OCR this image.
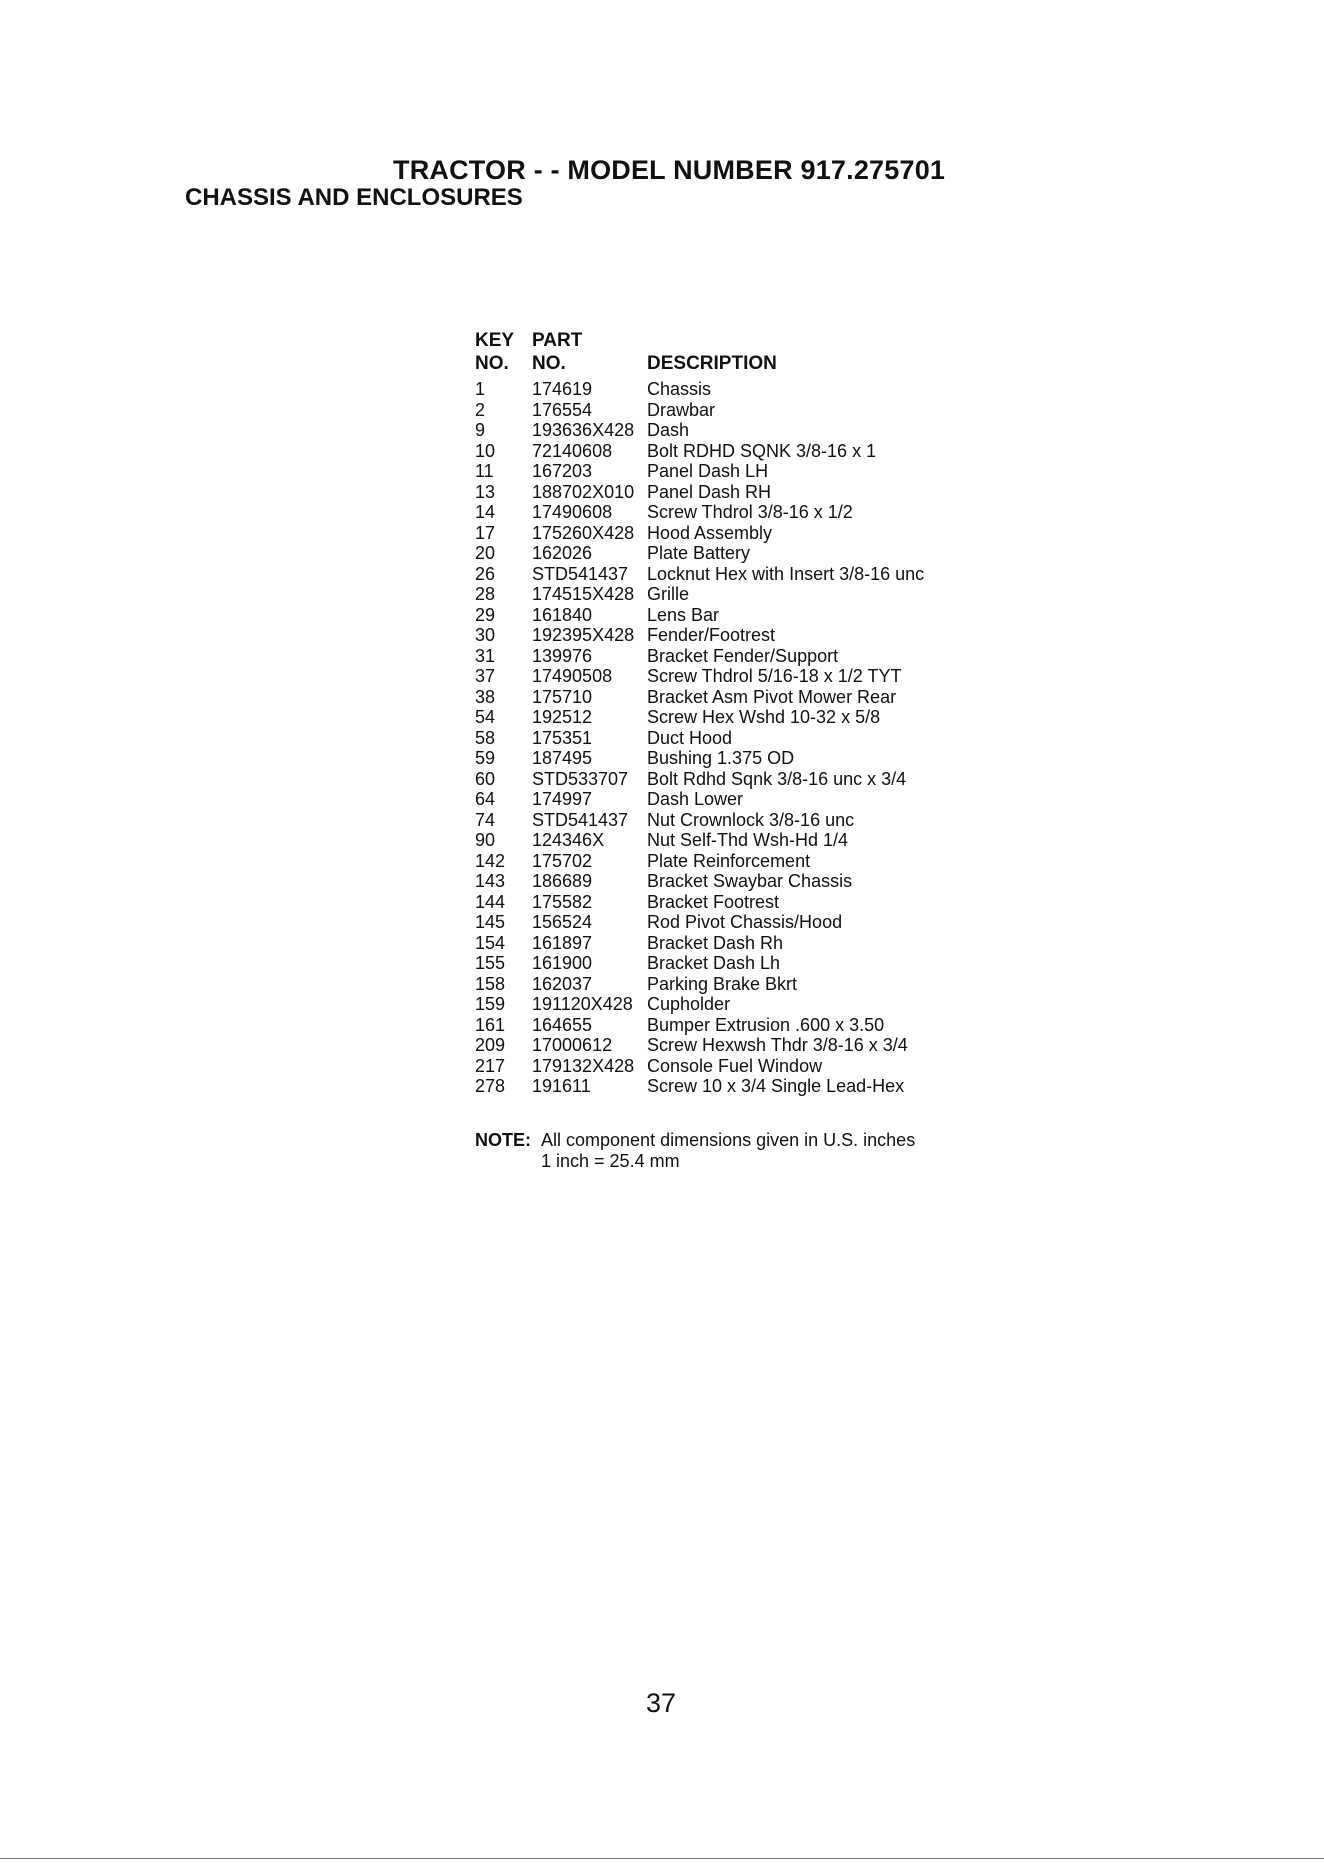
TRACTOR - - MODEL NUMBER 917.275701
CHASSIS AND ENCLOSURES
KEY
NO.
PART
NO.	DESCRIPTION
1	174619	Chassis
2	176554	Drawbar
9	193636X428 Dash
10	72140608	Bolt RDHD SQNK 3/8-16 x 1
11	167203	Panel Dash LH
13	188702X010 Panel Dash RH
14	17490608	Screw Thdrol 3/8-16 x 1/2
17	175260X428 Hood Assembly
20	162026	Plate Battery
26	STD541437	Locknut Hex with Insert 3/8-16 unc
28	174515X428 Grille
29	161840	Lens Bar
30	192395X428 Fender/Footrest
31	139976	Bracket Fender/Support
37	17490508	Screw Thdrol 5/16-18 x 1/2 TYT
38	175710	Bracket Asm Pivot Mower Rear
54	192512	Screw Hex Wshd 10-32 x 5/8
58	175351	Duct Hood
59	187495	Bushing 1.375 OD
60	STD533707	Bolt Rdhd Sqnk 3/8-16 unc x 3/4
64	174997	Dash Lower
74	STD541437	Nut Crownlock 3/8-16 unc
90	124346X	Nut Self-Thd Wsh-Hd 1/4
142	175702	Plate Reinforcement
143	186689	Bracket Swaybar Chassis
144	175582	Bracket Footrest
145	156524	Rod Pivot Chassis/Hood
154	161897	Bracket Dash Rh
155	161900	Bracket Dash Lh
158	162037	Parking Brake Bkrt
159	191120X428 Cupholder
161	164655	Bumper Extrusion .600 x 3.50
209	17000612	Screw Hexwsh Thdr 3/8-16 x 3/4
217	179132X428 Console Fuel Window
278	191611	Screw 10 x 3/4 Single Lead-Hex
NOTE: All component dimensions given in U.S. inches
1 inch = 25.4 mm
37
